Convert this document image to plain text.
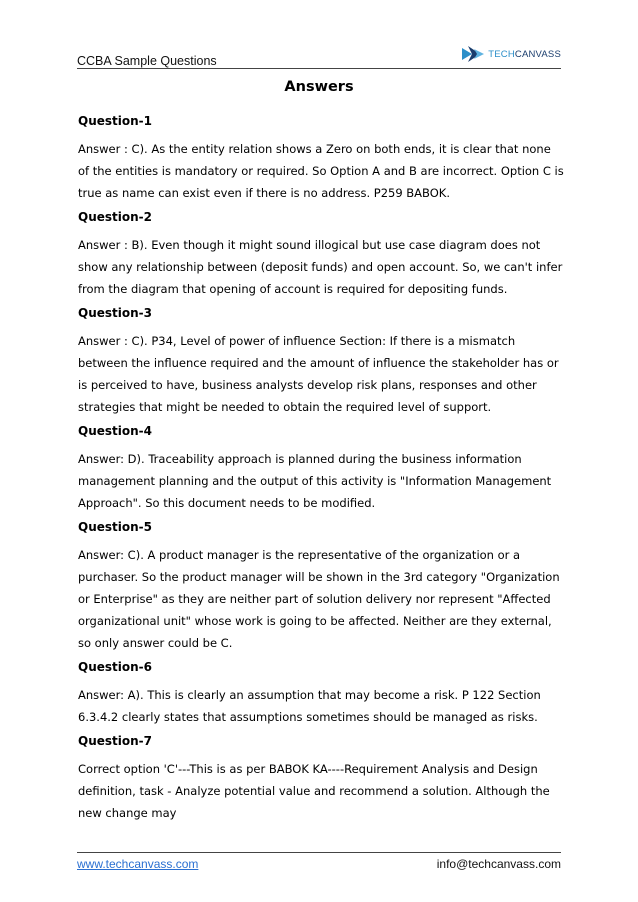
CCBA Sample Questions	TECHCANVASS
Answers

Question-1

Answer : C). As the entity relation shows a Zero on both ends, it is clear that none of the entities is mandatory or required. So Option A and B are incorrect. Option C is true as name can exist even if there is no address. P259 BABOK.

Question-2

Answer : B). Even though it might sound illogical but use case diagram does not show any relationship between (deposit funds) and open account. So, we can't infer from the diagram that opening of account is required for depositing funds.

Question-3

Answer : C). P34, Level of power of influence Section: If there is a mismatch between the influence required and the amount of influence the stakeholder has or is perceived to have, business analysts develop risk plans, responses and other strategies that might be needed to obtain the required level of support.

Question-4

Answer: D). Traceability approach is planned during the business information management planning and the output of this activity is "Information Management Approach". So this document needs to be modified.

Question-5

Answer: C). A product manager is the representative of the organization or a purchaser. So the product manager will be shown in the 3rd category "Organization or Enterprise" as they are neither part of solution delivery nor represent "Affected organizational unit" whose work is going to be affected. Neither are they external, so only answer could be C.

Question-6

Answer: A). This is clearly an assumption that may become a risk. P 122 Section 6.3.4.2 clearly states that assumptions sometimes should be managed as risks.

Question-7

Correct option 'C'---This is as per BABOK KA----Requirement Analysis and Design definition, task - Analyze potential value and recommend a solution. Although the new change may

www.techcanvass.com	info@techcanvass.com
